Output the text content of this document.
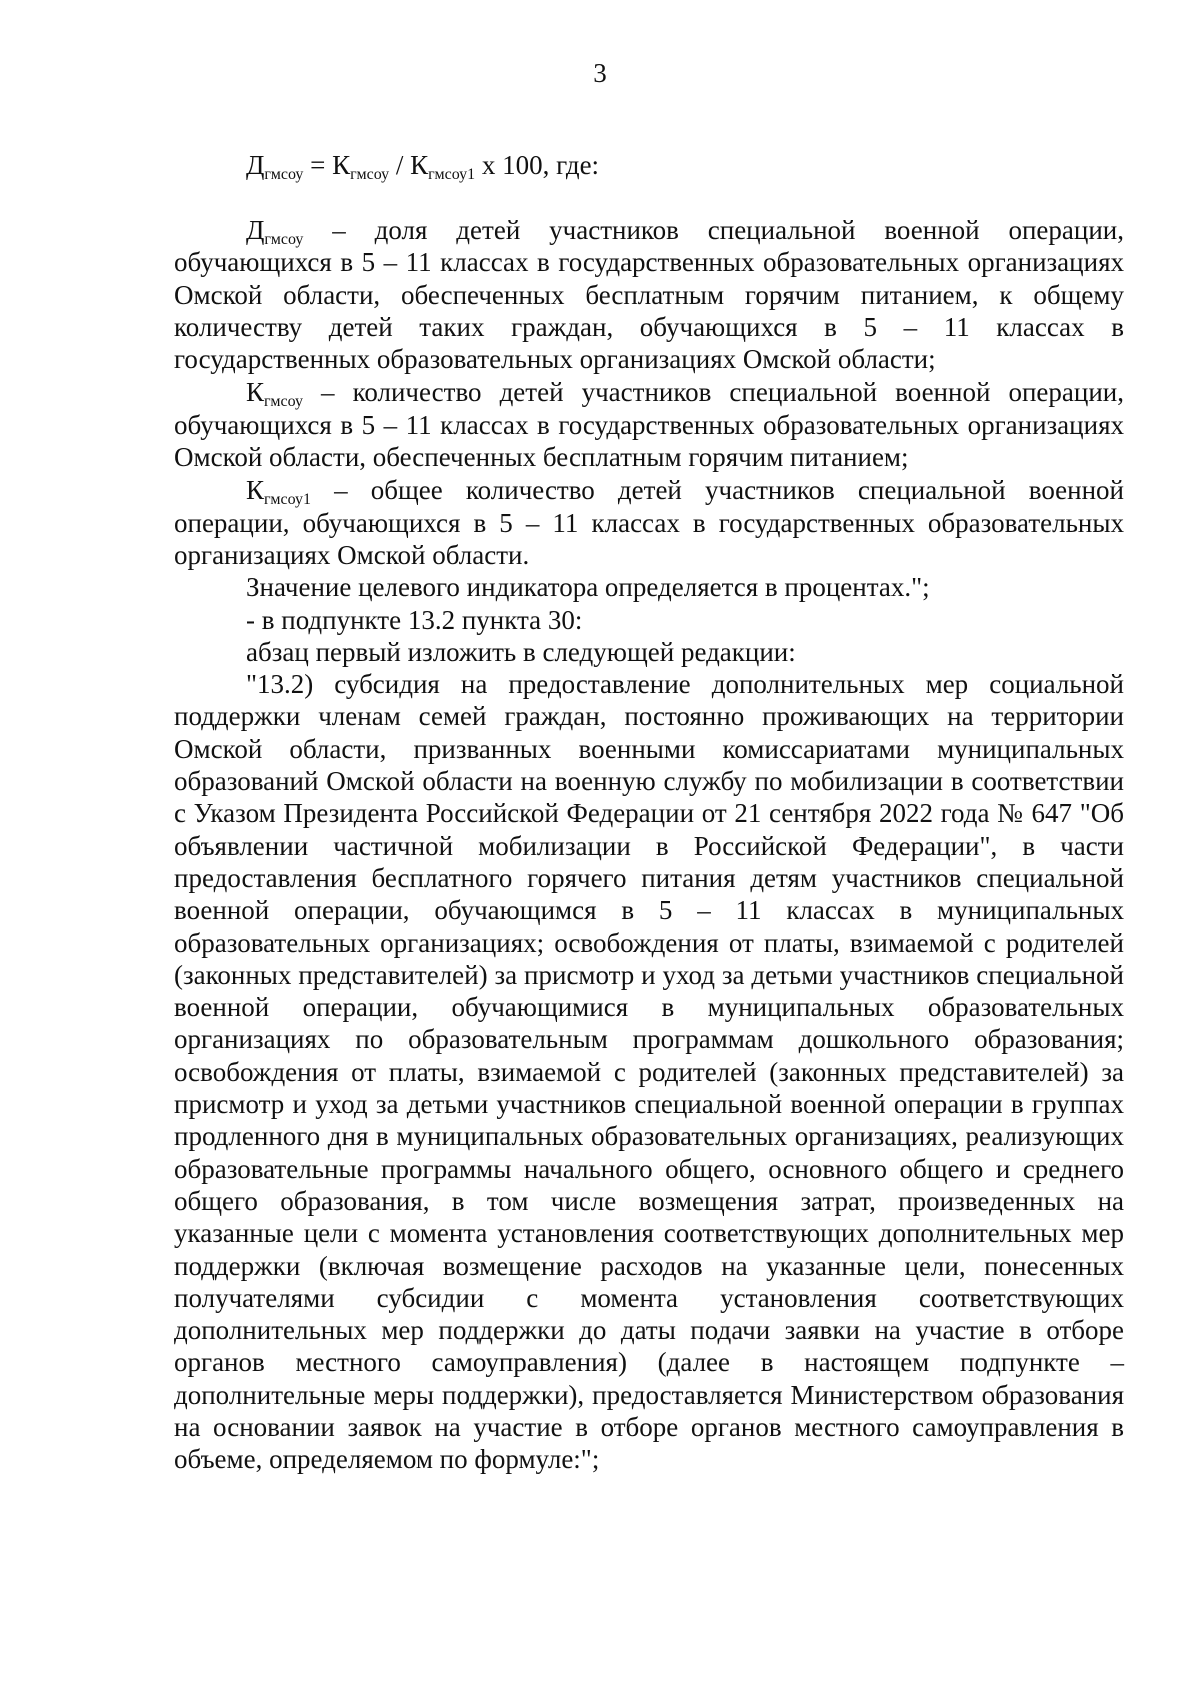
3
$Д_{гмсоу} = К_{гмсоу} / К_{гмсоу1}$ x 100, где:

$Д_{гмсоу}$ – доля детей участников специальной военной операции, обучающихся в 5 – 11 классах в государственных образовательных организациях Омской области, обеспеченных бесплатным горячим питанием, к общему количеству детей таких граждан, обучающихся в 5 – 11 классах в государственных образовательных организациях Омской области;

$К_{гмсоу}$ – количество детей участников специальной военной операции, обучающихся в 5 – 11 классах в государственных образовательных организациях Омской области, обеспеченных бесплатным горячим питанием;

$К_{гмсоу1}$ – общее количество детей участников специальной военной операции, обучающихся в 5 – 11 классах в государственных образовательных организациях Омской области.

Значение целевого индикатора определяется в процентах.";

- в подпункте 13.2 пункта 30:

абзац первый изложить в следующей редакции:

"13.2) субсидия на предоставление дополнительных мер социальной поддержки членам семей граждан, постоянно проживающих на территории Омской области, призванных военными комиссариатами муниципальных образований Омской области на военную службу по мобилизации в соответствии с Указом Президента Российской Федерации от 21 сентября 2022 года № 647 "Об объявлении частичной мобилизации в Российской Федерации", в части предоставления бесплатного горячего питания детям участников специальной военной операции, обучающимся в 5 – 11 классах в муниципальных образовательных организациях; освобождения от платы, взимаемой с родителей (законных представителей) за присмотр и уход за детьми участников специальной военной операции, обучающимися в муниципальных образовательных организациях по образовательным программам дошкольного образования; освобождения от платы, взимаемой с родителей (законных представителей) за присмотр и уход за детьми участников специальной военной операции в группах продленного дня в муниципальных образовательных организациях, реализующих образовательные программы начального общего, основного общего и среднего общего образования, в том числе возмещения затрат, произведенных на указанные цели с момента установления соответствующих дополнительных мер поддержки (включая возмещение расходов на указанные цели, понесенных получателями субсидии с момента установления соответствующих дополнительных мер поддержки до даты подачи заявки на участие в отборе органов местного самоуправления) (далее в настоящем подпункте – дополнительные меры поддержки), предоставляется Министерством образования на основании заявок на участие в отборе органов местного самоуправления в объеме, определяемом по формуле:";
